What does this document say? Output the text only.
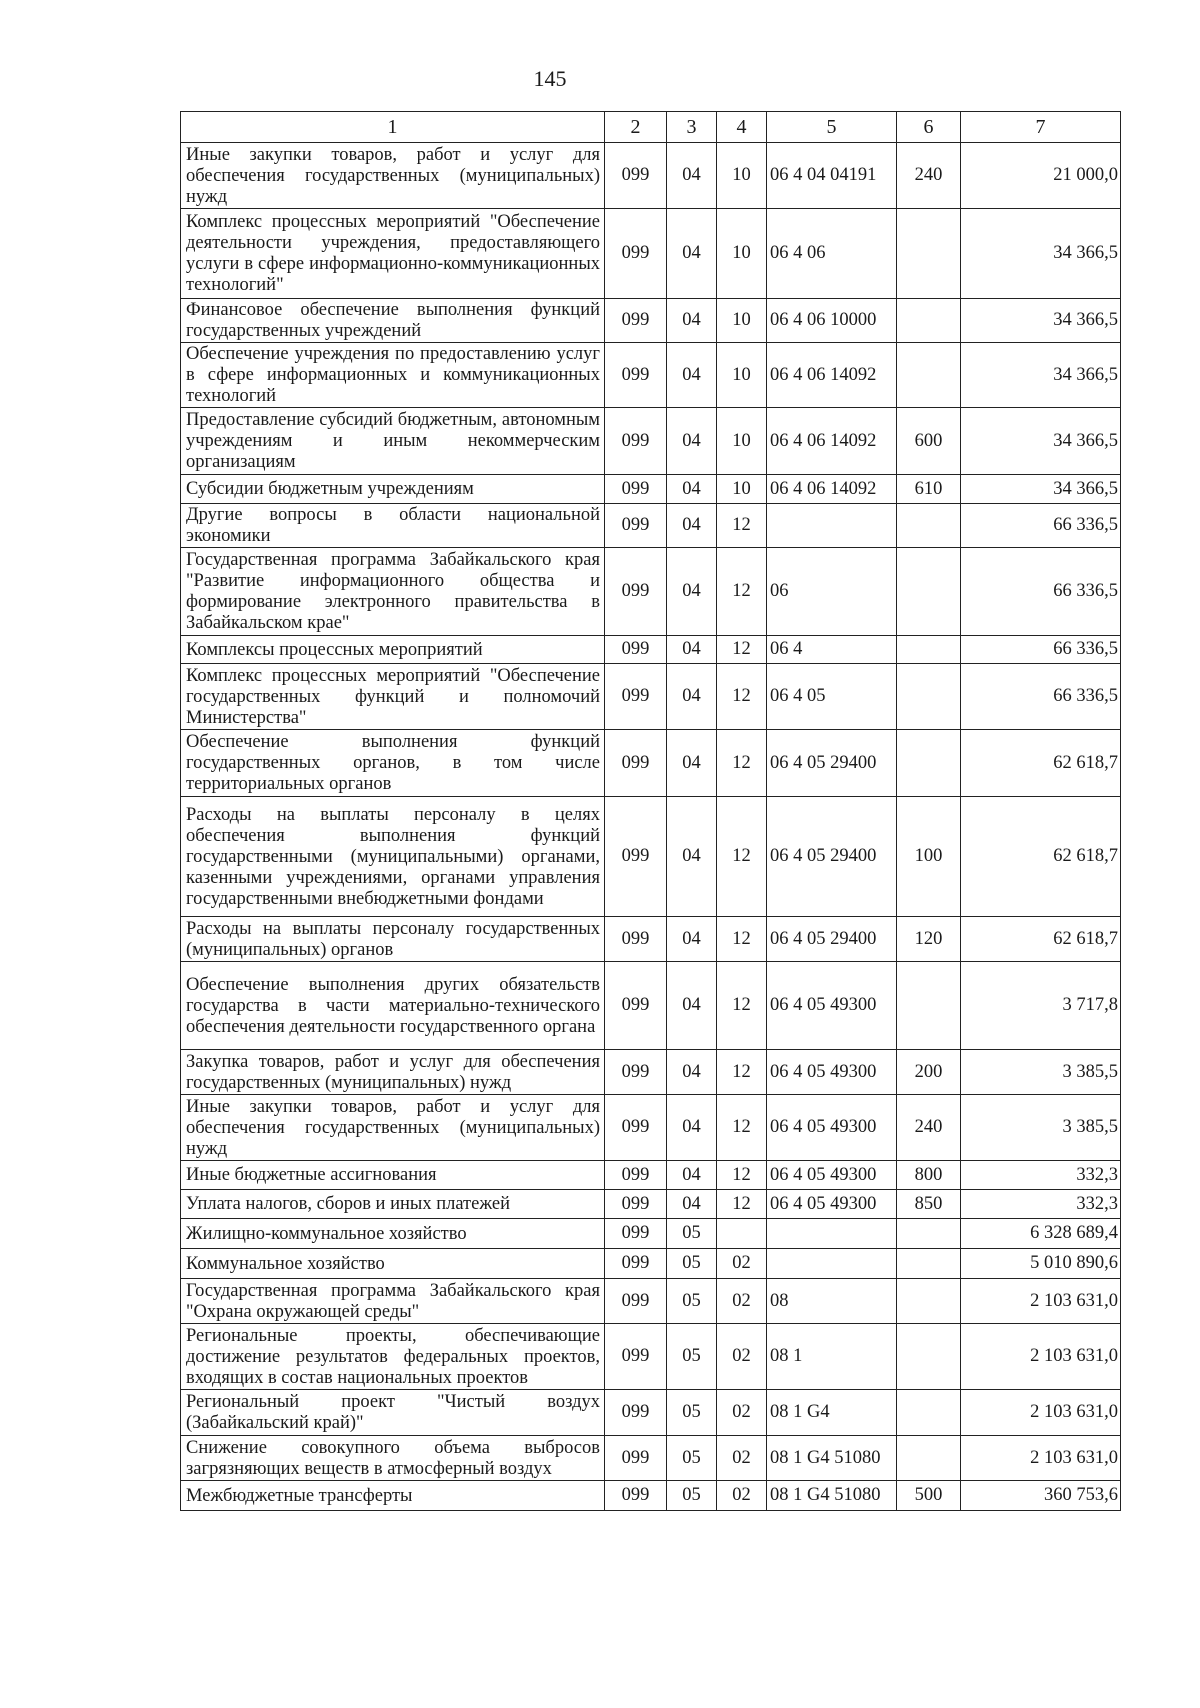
145
1	2	3	4	5	6	7
Иные закупки товаров, работ и услуг для обеспечения государственных (муниципальных) нужд	099	04	10	06 4 04 04191	240	21 000,0
Комплекс процессных мероприятий "Обеспечение деятельности учреждения, предоставляющего услуги в сфере информационно-коммуникационных технологий"	099	04	10	06 4 06		34 366,5
Финансовое обеспечение выполнения функций государственных учреждений	099	04	10	06 4 06 10000		34 366,5
Обеспечение учреждения по предоставлению услуг в сфере информационных и коммуникационных технологий	099	04	10	06 4 06 14092		34 366,5
Предоставление субсидий бюджетным, автономным учреждениям и иным некоммерческим организациям	099	04	10	06 4 06 14092	600	34 366,5
Субсидии бюджетным учреждениям	099	04	10	06 4 06 14092	610	34 366,5
Другие вопросы в области национальной экономики	099	04	12			66 336,5
Государственная программа Забайкальского края "Развитие информационного общества и формирование электронного правительства в Забайкальском крае"	099	04	12	06		66 336,5
Комплексы процессных мероприятий	099	04	12	06 4		66 336,5
Комплекс процессных мероприятий "Обеспечение государственных функций и полномочий Министерства"	099	04	12	06 4 05		66 336,5
Обеспечение выполнения функций государственных органов, в том числе территориальных органов	099	04	12	06 4 05 29400		62 618,7
Расходы на выплаты персоналу в целях обеспечения выполнения функций государственными (муниципальными) органами, казенными учреждениями, органами управления государственными внебюджетными фондами	099	04	12	06 4 05 29400	100	62 618,7
Расходы на выплаты персоналу государственных (муниципальных) органов	099	04	12	06 4 05 29400	120	62 618,7
Обеспечение выполнения других обязательств государства в части материально-технического обеспечения деятельности государственного органа	099	04	12	06 4 05 49300		3 717,8
Закупка товаров, работ и услуг для обеспечения государственных (муниципальных) нужд	099	04	12	06 4 05 49300	200	3 385,5
Иные закупки товаров, работ и услуг для обеспечения государственных (муниципальных) нужд	099	04	12	06 4 05 49300	240	3 385,5
Иные бюджетные ассигнования	099	04	12	06 4 05 49300	800	332,3
Уплата налогов, сборов и иных платежей	099	04	12	06 4 05 49300	850	332,3
Жилищно-коммунальное хозяйство	099	05				6 328 689,4
Коммунальное хозяйство	099	05	02			5 010 890,6
Государственная программа Забайкальского края "Охрана окружающей среды"	099	05	02	08		2 103 631,0
Региональные проекты, обеспечивающие достижение результатов федеральных проектов, входящих в состав национальных проектов	099	05	02	08 1		2 103 631,0
Региональный проект "Чистый воздух (Забайкальский край)"	099	05	02	08 1 G4		2 103 631,0
Снижение совокупного объема выбросов загрязняющих веществ в атмосферный воздух	099	05	02	08 1 G4 51080		2 103 631,0
Межбюджетные трансферты	099	05	02	08 1 G4 51080	500	360 753,6
